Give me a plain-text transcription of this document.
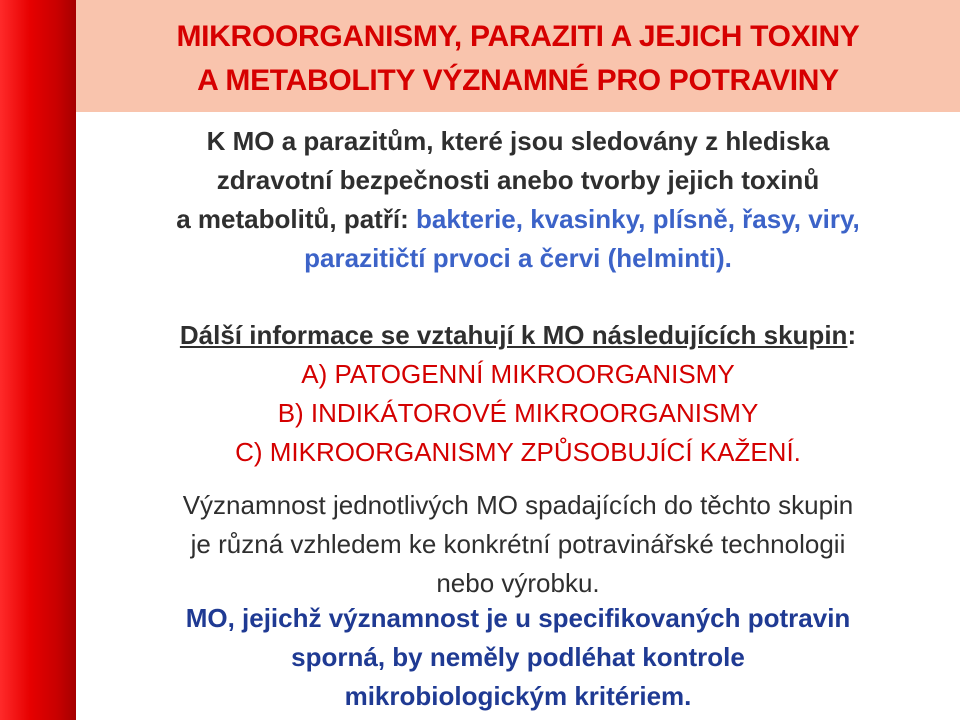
MIKROORGANISMY, PARAZITI A JEJICH TOXINY
A METABOLITY VÝZNAMNÉ PRO POTRAVINY
K MO a parazitům, které jsou sledovány z hlediska
zdravotní bezpečnosti anebo tvorby jejich toxinů
a metabolitů, patří: bakterie, kvasinky, plísně, řasy, viry,
parazitičtí prvoci a červi (helminti).
Dálší informace se vztahují k MO následujících skupin:
A) PATOGENNÍ MIKROORGANISMY
B) INDIKÁTOROVÉ MIKROORGANISMY
C) MIKROORGANISMY ZPŮSOBUJÍCÍ KAŽENÍ.
Významnost jednotlivých MO spadajících do těchto skupin
je různá vzhledem ke konkrétní potravinářské technologii
nebo výrobku.
MO, jejichž významnost je u specifikovaných potravin
sporná, by neměly podléhat kontrole
mikrobiologickým kritériem.
